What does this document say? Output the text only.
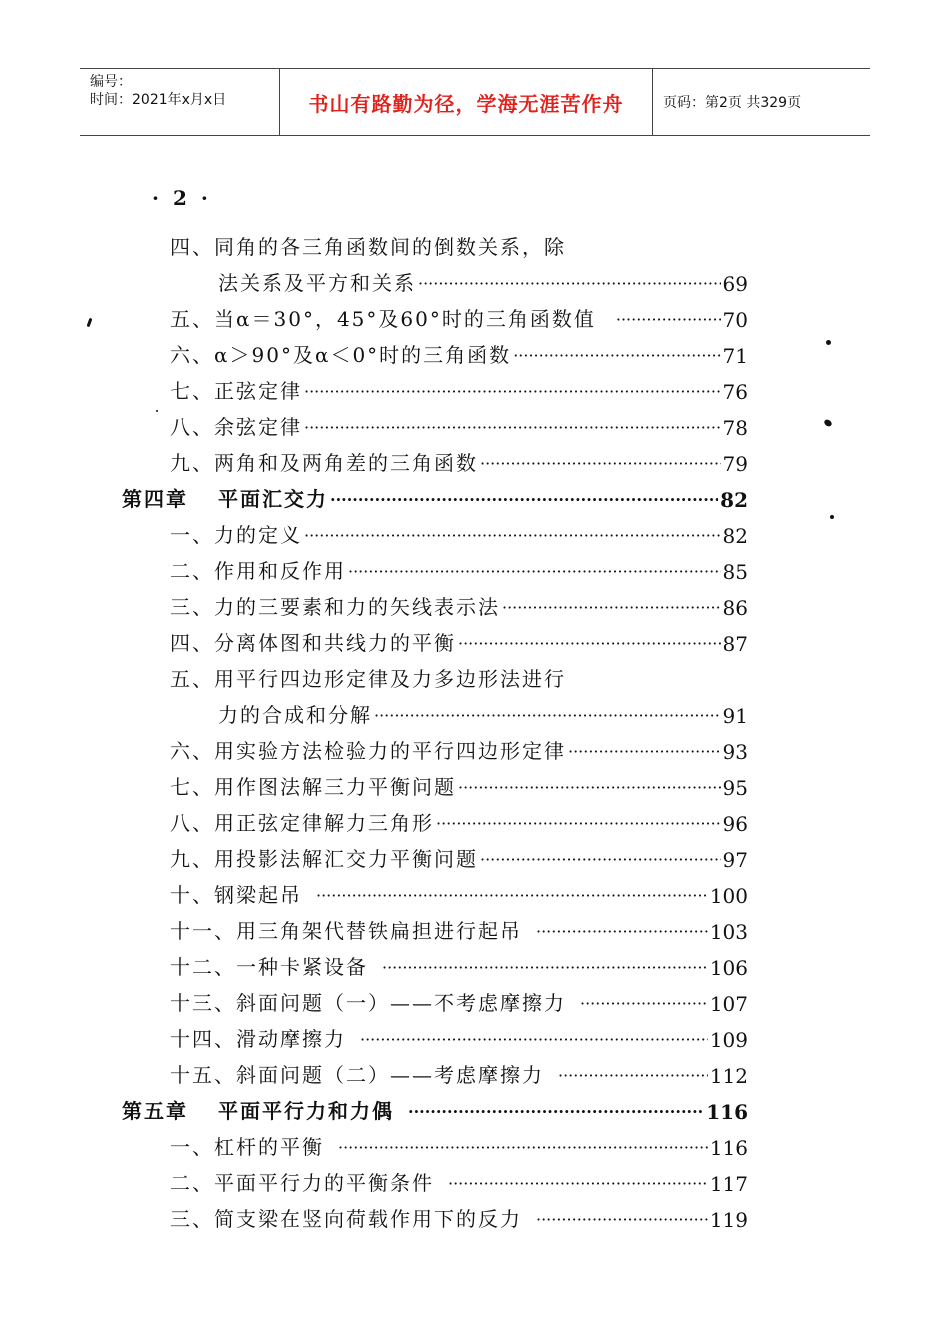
编号：
时间：2021年x月x日	书山有路勤为径，学海无涯苦作舟	页码：第2页 共329页
·2·
四、 同角的各三角函数间的倒数关系，除
法关系及平方和关系 ·····	69
五、 当α＝30°，45°及60°时的三角函数值 ·····	70
六、 α＞90°及α＜0°时的三角函数 ·····	71
七、 正弦定律 ·····	76
八、 余弦定律 ·····	78
九、 两角和及两角差的三角函数 ·····	79
第四章	平面汇交力 ·····	82
一、 力的定义 ·····	82
二、 作用和反作用 ·····	85
三、 力的三要素和力的矢线表示法 ·····	86
四、 分离体图和共线力的平衡 ·····	87
五、 用平行四边形定律及力多边形法进行
力的合成和分解 ·····	91
六、 用实验方法检验力的平行四边形定律 ·····	93
七、 用作图法解三力平衡问题 ·····	95
八、 用正弦定律解力三角形 ·····	96
九、 用投影法解汇交力平衡问题 ·····	97
十、 钢梁起吊 ·····	100
十一、 用三角架代替铁扁担进行起吊 ·····	103
十二、 一种卡紧设备 ·····	106
十三、 斜面问题（一）——不考虑摩擦力 ·····	107
十四、 滑动摩擦力 ·····	109
十五、 斜面问题（二）——考虑摩擦力 ·····	112
第五章	平面平行力和力偶 ·····	116
一、 杠杆的平衡 ·····	116
二、 平面平行力的平衡条件 ·····	117
三、 简支梁在竖向荷载作用下的反力 ·····	119
